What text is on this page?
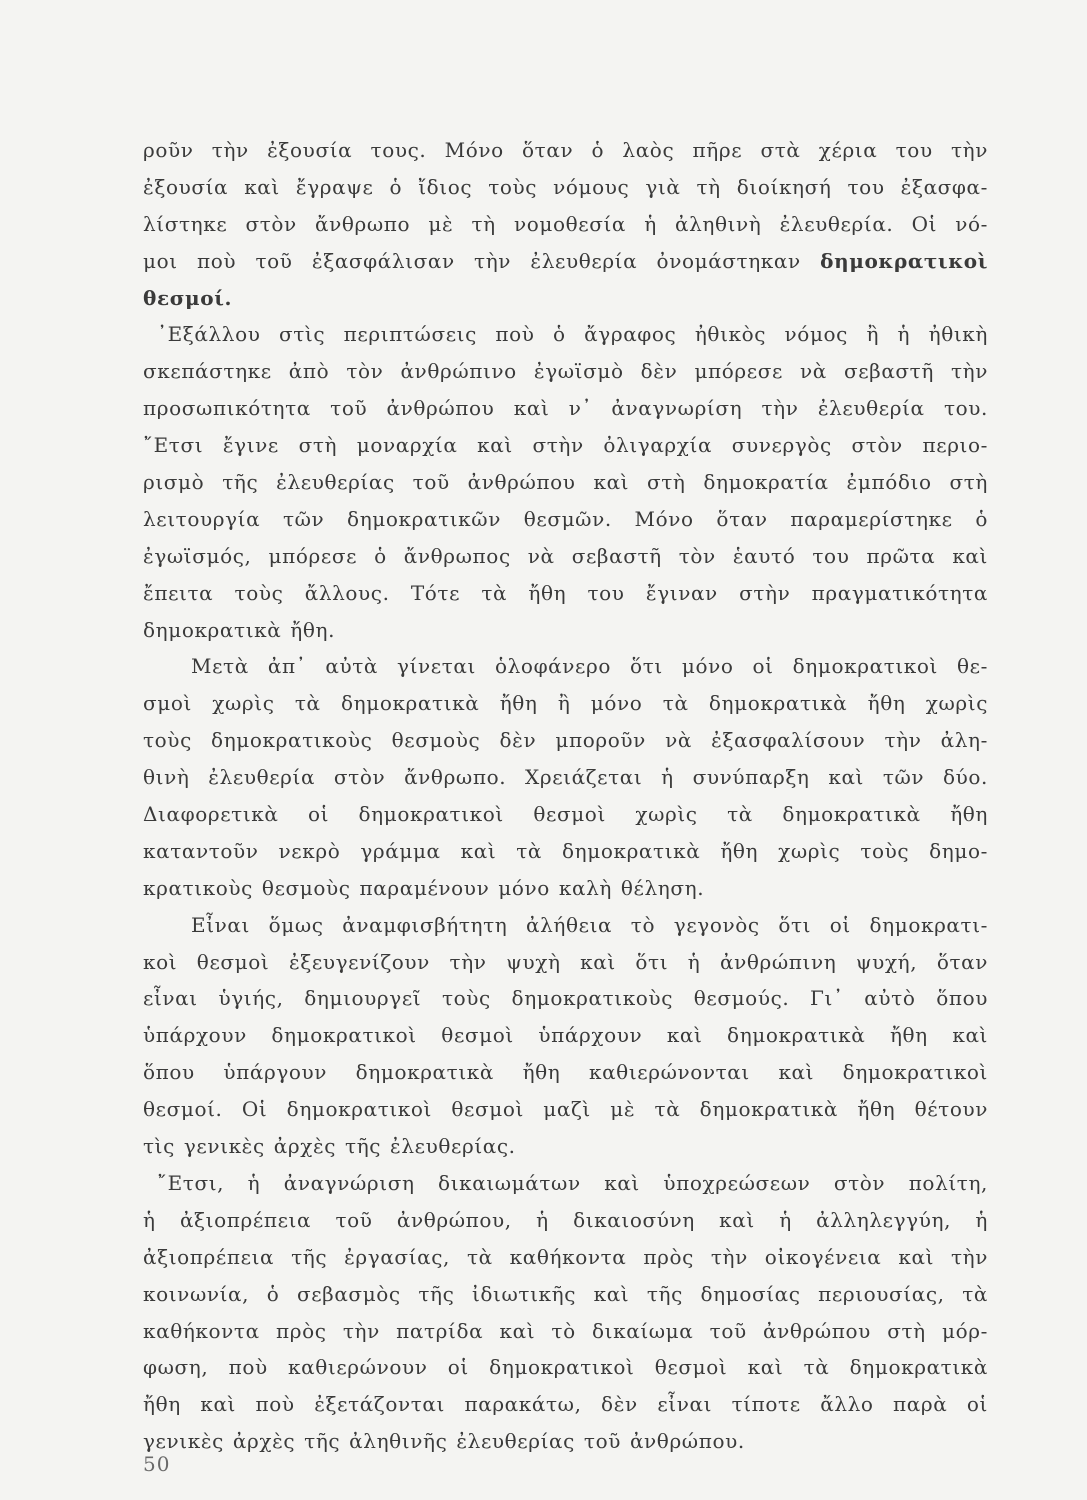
ροῦν τὴν ἐξουσία τους. Μόνο ὅταν ὁ λαὸς πῆρε στὰ χέρια του τὴν
ἐξουσία καὶ ἔγραψε ὁ ἴδιος τοὺς νόμους γιὰ τὴ διοίκησή του ἐξασφα-
λίστηκε στὸν ἄνθρωπο μὲ τὴ νομοθεσία ἡ ἀληθινὴ ἐλευθερία. Οἱ νό-
μοι ποὺ τοῦ ἐξασφάλισαν τὴν ἐλευθερία ὀνομάστηκαν δημοκρατικοὶ
θεσμοί.
᾿Εξάλλου στὶς περιπτώσεις ποὺ ὁ ἄγραφος ἠθικὸς νόμος ἢ ἡ ἠθικὴ
σκεπάστηκε ἀπὸ τὸν ἀνθρώπινο ἐγωϊσμὸ δὲν μπόρεσε νὰ σεβαστῆ τὴν
προσωπικότητα τοῦ ἀνθρώπου καὶ ν᾿ ἀναγνωρίση τὴν ἐλευθερία του.
῎Ετσι ἔγινε στὴ μοναρχία καὶ στὴν ὀλιγαρχία συνεργὸς στὸν περιο-
ρισμὸ τῆς ἐλευθερίας τοῦ ἀνθρώπου καὶ στὴ δημοκρατία ἐμπόδιο στὴ
λειτουργία τῶν δημοκρατικῶν θεσμῶν. Μόνο ὅταν παραμερίστηκε ὁ
ἐγωϊσμός, μπόρεσε ὁ ἄνθρωπος νὰ σεβαστῆ τὸν ἑαυτό του πρῶτα καὶ
ἔπειτα τοὺς ἄλλους. Τότε τὰ ἤθη του ἔγιναν στὴν πραγματικότητα
δημοκρατικὰ ἤθη.
Μετὰ ἀπ᾿ αὐτὰ γίνεται ὁλοφάνερο ὅτι μόνο οἱ δημοκρατικοὶ θε-
σμοὶ χωρὶς τὰ δημοκρατικὰ ἤθη ἢ μόνο τὰ δημοκρατικὰ ἤθη χωρὶς
τοὺς δημοκρατικοὺς θεσμοὺς δὲν μποροῦν νὰ ἐξασφαλίσουν τὴν ἀλη-
θινὴ ἐλευθερία στὸν ἄνθρωπο. Χρειάζεται ἡ συνύπαρξη καὶ τῶν δύο.
Διαφορετικὰ οἱ δημοκρατικοὶ θεσμοὶ χωρὶς τὰ δημοκρατικὰ ἤθη
καταντοῦν νεκρὸ γράμμα καὶ τὰ δημοκρατικὰ ἤθη χωρὶς τοὺς δημο-
κρατικοὺς θεσμοὺς παραμένουν μόνο καλὴ θέληση.
Εἶναι ὅμως ἀναμφισβήτητη ἀλήθεια τὸ γεγονὸς ὅτι οἱ δημοκρατι-
κοὶ θεσμοὶ ἐξευγενίζουν τὴν ψυχὴ καὶ ὅτι ἡ ἀνθρώπινη ψυχή, ὅταν
εἶναι ὑγιής, δημιουργεῖ τοὺς δημοκρατικοὺς θεσμούς. Γι᾿ αὐτὸ ὅπου
ὑπάρχουν δημοκρατικοὶ θεσμοὶ ὑπάρχουν καὶ δημοκρατικὰ ἤθη καὶ
ὅπου ὑπάργουν δημοκρατικὰ ἤθη καθιερώνονται καὶ δημοκρατικοὶ
θεσμοί. Οἱ δημοκρατικοὶ θεσμοὶ μαζὶ μὲ τὰ δημοκρατικὰ ἤθη θέτουν
τὶς γενικὲς ἀρχὲς τῆς ἐλευθερίας.
῎Ετσι, ἡ ἀναγνώριση δικαιωμάτων καὶ ὑποχρεώσεων στὸν πολίτη,
ἡ ἀξιοπρέπεια τοῦ ἀνθρώπου, ἡ δικαιοσύνη καὶ ἡ ἀλληλεγγύη, ἡ
ἀξιοπρέπεια τῆς ἐργασίας, τὰ καθήκοντα πρὸς τὴν οἰκογένεια καὶ τὴν
κοινωνία, ὁ σεβασμὸς τῆς ἰδιωτικῆς καὶ τῆς δημοσίας περιουσίας, τὰ
καθήκοντα πρὸς τὴν πατρίδα καὶ τὸ δικαίωμα τοῦ ἀνθρώπου στὴ μόρ-
φωση, ποὺ καθιερώνουν οἱ δημοκρατικοὶ θεσμοὶ καὶ τὰ δημοκρατικὰ
ἤθη καὶ ποὺ ἐξετάζονται παρακάτω, δὲν εἶναι τίποτε ἄλλο παρὰ οἱ
γενικὲς ἀρχὲς τῆς ἀληθινῆς ἐλευθερίας τοῦ ἀνθρώπου.
50
